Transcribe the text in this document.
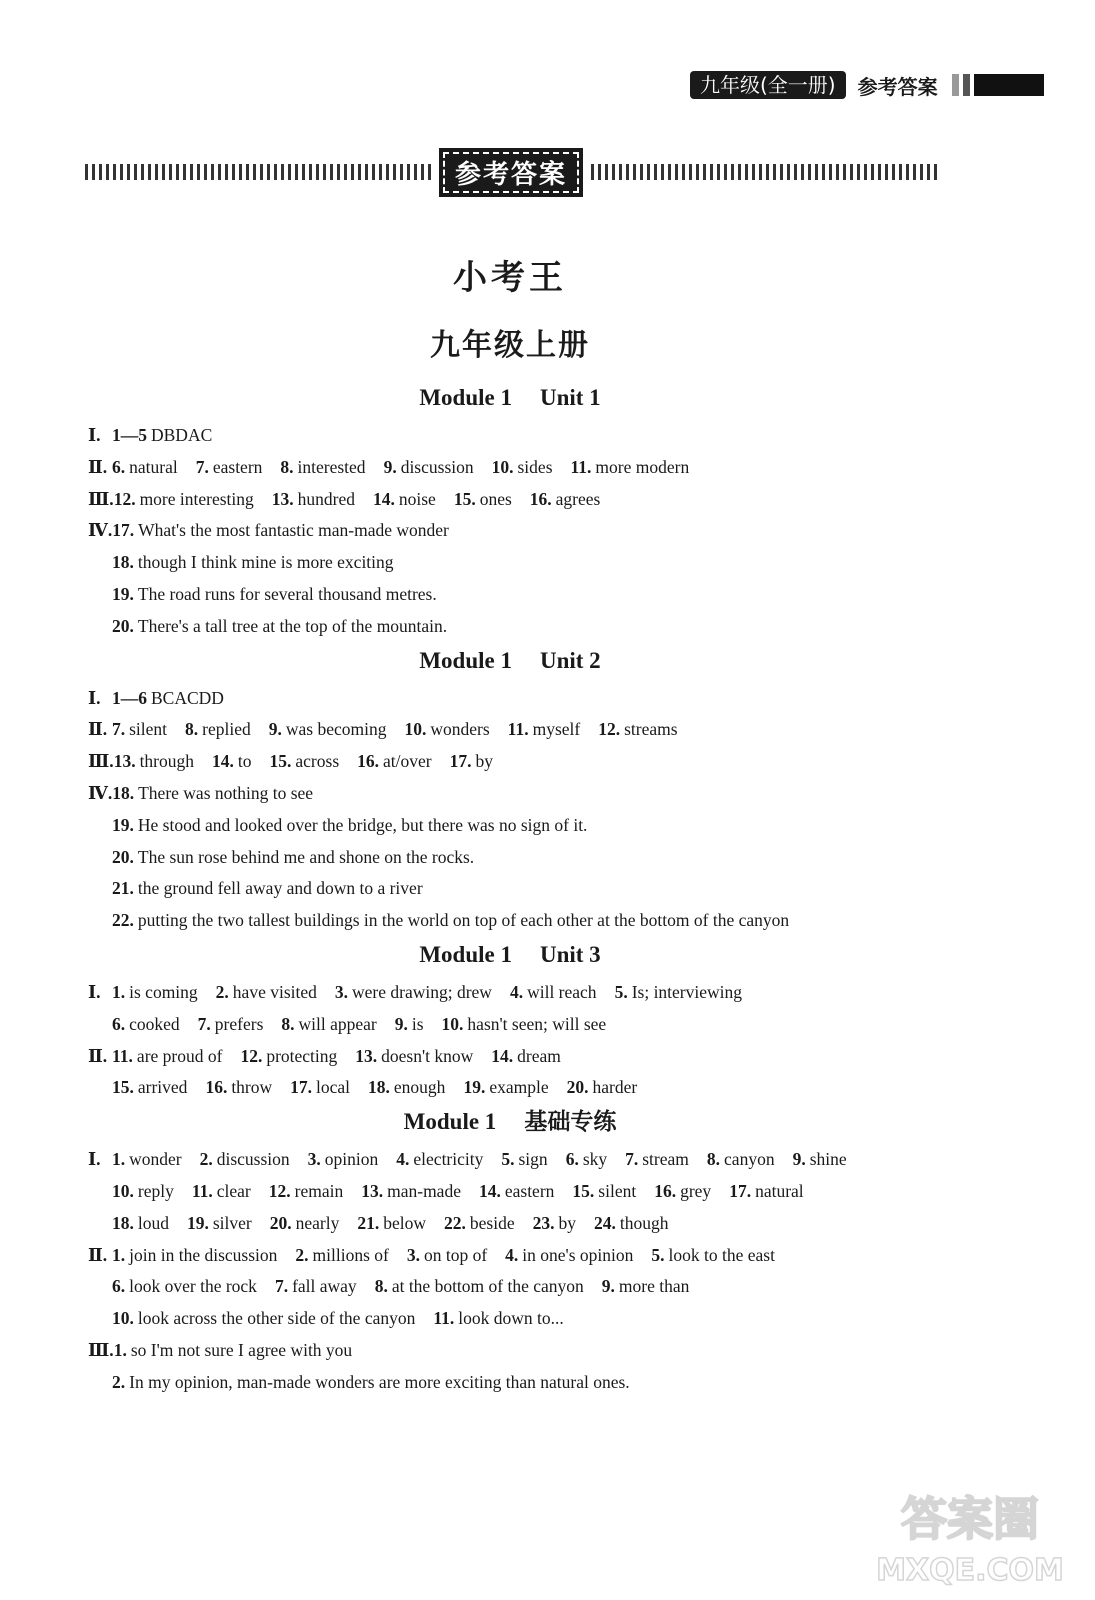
九年级(全一册)	参考答案
参考答案
小考王
九年级上册
Module 1 Unit 1
Ⅰ. 1—5 DBDAC
Ⅱ. 6. natural 7. eastern 8. interested 9. discussion 10. sides 11. more modern
Ⅲ.12. more interesting 13. hundred 14. noise 15. ones 16. agrees
Ⅳ.17. What's the most fantastic man-made wonder
18. though I think mine is more exciting
19. The road runs for several thousand metres.
20. There's a tall tree at the top of the mountain.
Module 1 Unit 2
Ⅰ. 1—6 BCACDD
Ⅱ. 7. silent 8. replied 9. was becoming 10. wonders 11. myself 12. streams
Ⅲ.13. through 14. to 15. across 16. at/over 17. by
Ⅳ.18. There was nothing to see
19. He stood and looked over the bridge, but there was no sign of it.
20. The sun rose behind me and shone on the rocks.
21. the ground fell away and down to a river
22. putting the two tallest buildings in the world on top of each other at the bottom of the canyon
Module 1 Unit 3
Ⅰ. 1. is coming 2. have visited 3. were drawing; drew 4. will reach 5. Is; interviewing
6. cooked 7. prefers 8. will appear 9. is 10. hasn't seen; will see
Ⅱ. 11. are proud of 12. protecting 13. doesn't know 14. dream
15. arrived 16. throw 17. local 18. enough 19. example 20. harder
Module 1 基础专练
Ⅰ. 1. wonder 2. discussion 3. opinion 4. electricity 5. sign 6. sky 7. stream 8. canyon 9. shine
10. reply 11. clear 12. remain 13. man-made 14. eastern 15. silent 16. grey 17. natural
18. loud 19. silver 20. nearly 21. below 22. beside 23. by 24. though
Ⅱ. 1. join in the discussion 2. millions of 3. on top of 4. in one's opinion 5. look to the east
6. look over the rock 7. fall away 8. at the bottom of the canyon 9. more than
10. look across the other side of the canyon 11. look down to...
Ⅲ.1. so I'm not sure I agree with you
2. In my opinion, man-made wonders are more exciting than natural ones.
答案圈
MXQE.COM
